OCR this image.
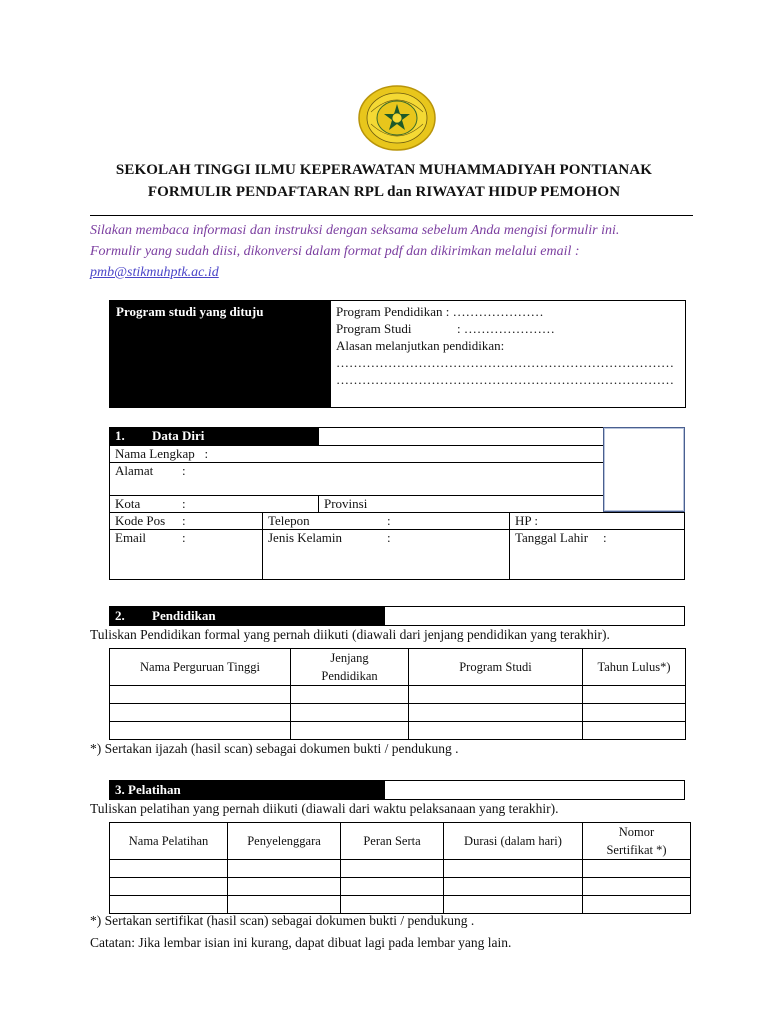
SEKOLAH TINGGI ILMU KEPERAWATAN MUHAMMADIYAH PONTIANAK
FORMULIR PENDAFTARAN RPL dan RIWAYAT HIDUP PEMOHON
Silakan membaca informasi dan instruksi dengan seksama sebelum Anda mengisi formulir ini.
Formulir yang sudah diisi, dikonversi dalam format pdf dan dikirimkan melalui email :
pmb@stikmuhptk.ac.id
Program studi yang dituju	Program Pendidikan : …………………
Program Studi	: …………………
Alasan melanjutkan pendidikan:
……………………………………………………………………
……………………………………………………………………
1. Data Diri
Nama Lengkap :
Alamat :
Kota	:	Provinsi
Kode Pos :	Telepon	:	HP :
Email	:	Jenis Kelamin	:	Tanggal Lahir :
2. Pendidikan
Tuliskan Pendidikan formal yang pernah diikuti (diawali dari jenjang pendidikan yang terakhir).
Nama Perguruan Tinggi	Jenjang Pendidikan	Program Studi	Tahun Lulus*)

*) Sertakan ijazah (hasil scan) sebagai dokumen bukti / pendukung .
3. Pelatihan
Tuliskan pelatihan yang pernah diikuti (diawali dari waktu pelaksanaan yang terakhir).
Nama Pelatihan	Penyelenggara	Peran Serta	Durasi (dalam hari)	Nomor Sertifikat *)

*) Sertakan sertifikat (hasil scan) sebagai dokumen bukti / pendukung .
Catatan: Jika lembar isian ini kurang, dapat dibuat lagi pada lembar yang lain.
